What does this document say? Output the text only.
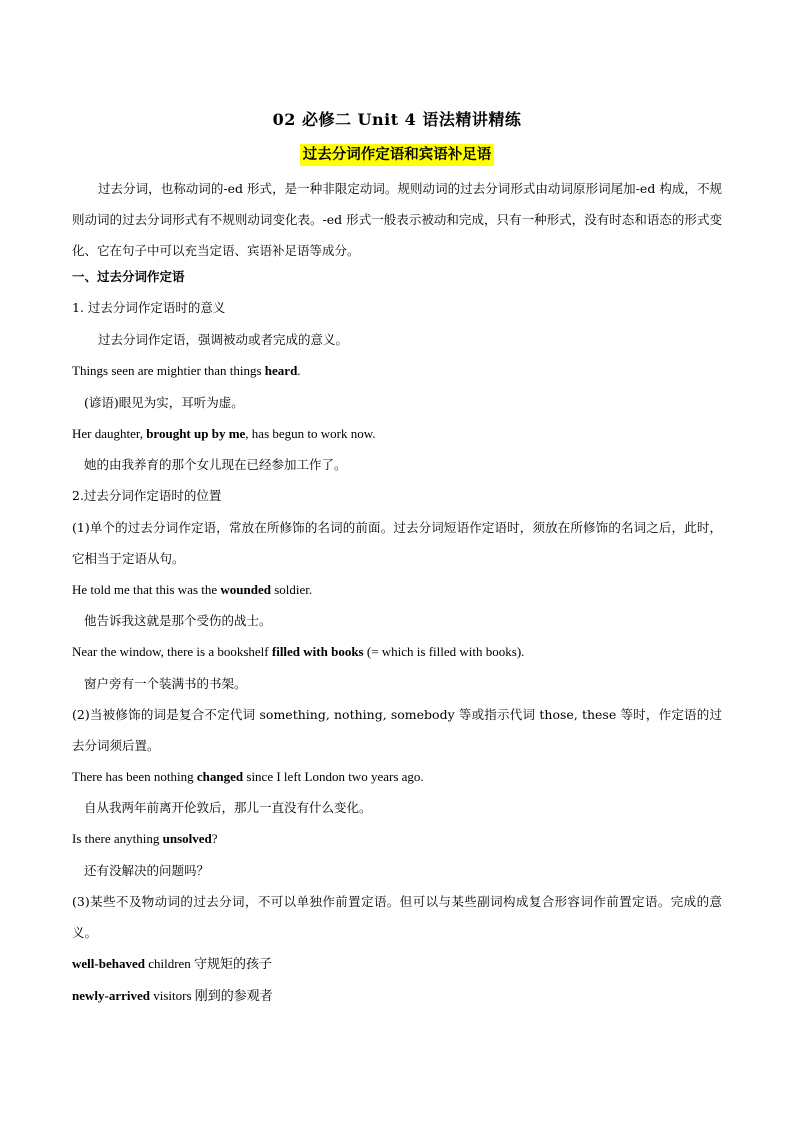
02 必修二 Unit 4 语法精讲精练
过去分词作定语和宾语补足语
过去分词，也称动词的-ed 形式，是一种非限定动词。规则动词的过去分词形式由动词原形词尾加-ed 构成，不规则动词的过去分词形式有不规则动词变化表。-ed 形式一般表示被动和完成，只有一种形式，没有时态和语态的形式变化、它在句子中可以充当定语、宾语补足语等成分。
一、过去分词作定语
1. 过去分词作定语时的意义
过去分词作定语，强调被动或者完成的意义。
Things seen are mightier than things heard.
(谚语)眼见为实，耳听为虚。
Her daughter, brought up by me, has begun to work now.
她的由我养育的那个女儿现在已经参加工作了。
2.过去分词作定语时的位置
(1)单个的过去分词作定语，常放在所修饰的名词的前面。过去分词短语作定语时，须放在所修饰的名词之后，此时，它相当于定语从句。
He told me that this was the wounded soldier.
他告诉我这就是那个受伤的战士。
Near the window, there is a bookshelf filled with books (= which is filled with books).
窗户旁有一个装满书的书架。
(2)当被修饰的词是复合不定代词 something, nothing, somebody 等或指示代词 those, these 等时，作定语的过去分词须后置。
There has been nothing changed since I left London two years ago.
自从我两年前离开伦敦后，那儿一直没有什么变化。
Is there anything unsolved?
还有没解决的问题吗？
(3)某些不及物动词的过去分词，不可以单独作前置定语。但可以与某些副词构成复合形容词作前置定语。完成的意义。
well-behaved children 守规矩的孩子
newly-arrived visitors 刚到的参观者
